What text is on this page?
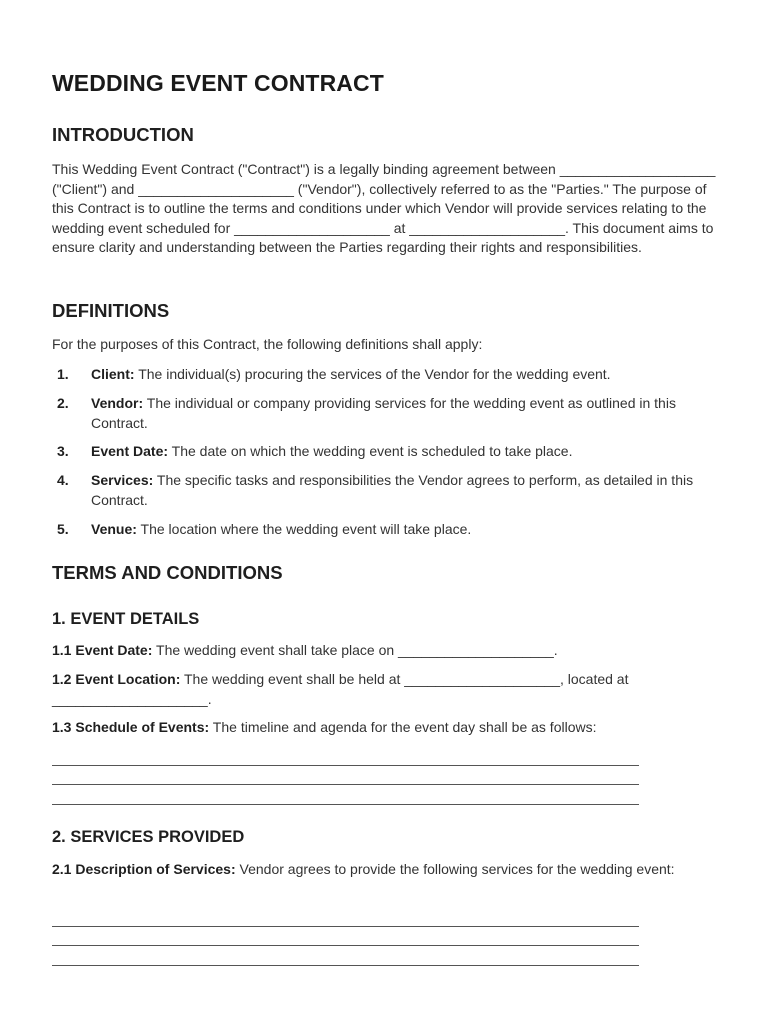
WEDDING EVENT CONTRACT
INTRODUCTION

This Wedding Event Contract ("Contract") is a legally binding agreement between ____________________ ("Client") and ____________________ ("Vendor"), collectively referred to as the "Parties." The purpose of this Contract is to outline the terms and conditions under which Vendor will provide services relating to the wedding event scheduled for ____________________ at ____________________. This document aims to ensure clarity and understanding between the Parties regarding their rights and responsibilities.

DEFINITIONS

For the purposes of this Contract, the following definitions shall apply:

1. Client: The individual(s) procuring the services of the Vendor for the wedding event.
2. Vendor: The individual or company providing services for the wedding event as outlined in this Contract.
3. Event Date: The date on which the wedding event is scheduled to take place.
4. Services: The specific tasks and responsibilities the Vendor agrees to perform, as detailed in this Contract.
5. Venue: The location where the wedding event will take place.
TERMS AND CONDITIONS
1. EVENT DETAILS

1.1 Event Date: The wedding event shall take place on ____________________.

1.2 Event Location: The wedding event shall be held at ____________________, located at ____________________.

1.3 Schedule of Events: The timeline and agenda for the event day shall be as follows:

2. SERVICES PROVIDED

2.1 Description of Services: Vendor agrees to provide the following services for the wedding event:
